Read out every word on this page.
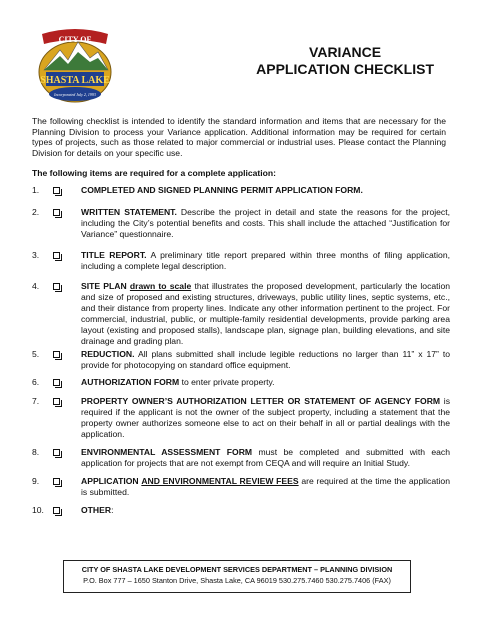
CITY OF
SHASTA LAKE
Incorporated July 2, 1993
VARIANCE
APPLICATION CHECKLIST
The following checklist is intended to identify the standard information and items that are necessary for the Planning Division to process your Variance application. Additional information may be required for certain types of projects, such as those related to major commercial or industrial uses. Please contact the Planning Division for details on your specific use.
The following items are required for a complete application:
1.	COMPLETED AND SIGNED PLANNING PERMIT APPLICATION FORM.
2.	WRITTEN STATEMENT. Describe the project in detail and state the reasons for the project, including the City’s potential benefits and costs. This shall include the attached “Justification for Variance” questionnaire.
3.	TITLE REPORT. A preliminary title report prepared within three months of filing application, including a complete legal description.
4.	SITE PLAN drawn to scale that illustrates the proposed development, particularly the location and size of proposed and existing structures, driveways, public utility lines, septic systems, etc., and their distance from property lines. Indicate any other information pertinent to the project. For commercial, industrial, public, or multiple-family residential developments, provide parking area layout (existing and proposed stalls), landscape plan, signage plan, building elevations, and site drainage and grading plan.
5.	REDUCTION. All plans submitted shall include legible reductions no larger than 11” x 17” to provide for photocopying on standard office equipment.
6.	AUTHORIZATION FORM to enter private property.
7.	PROPERTY OWNER’S AUTHORIZATION LETTER OR STATEMENT OF AGENCY FORM is required if the applicant is not the owner of the subject property, including a statement that the property owner authorizes someone else to act on their behalf in all or partial dealings with the application.
8.	ENVIRONMENTAL ASSESSMENT FORM must be completed and submitted with each application for projects that are not exempt from CEQA and will require an Initial Study.
9.	APPLICATION AND ENVIRONMENTAL REVIEW FEES are required at the time the application is submitted.
10.	OTHER:
CITY OF SHASTA LAKE DEVELOPMENT SERVICES DEPARTMENT – PLANNING DIVISION
P.O. Box 777 – 1650 Stanton Drive, Shasta Lake, CA 96019 530.275.7460 530.275.7406 (FAX)
